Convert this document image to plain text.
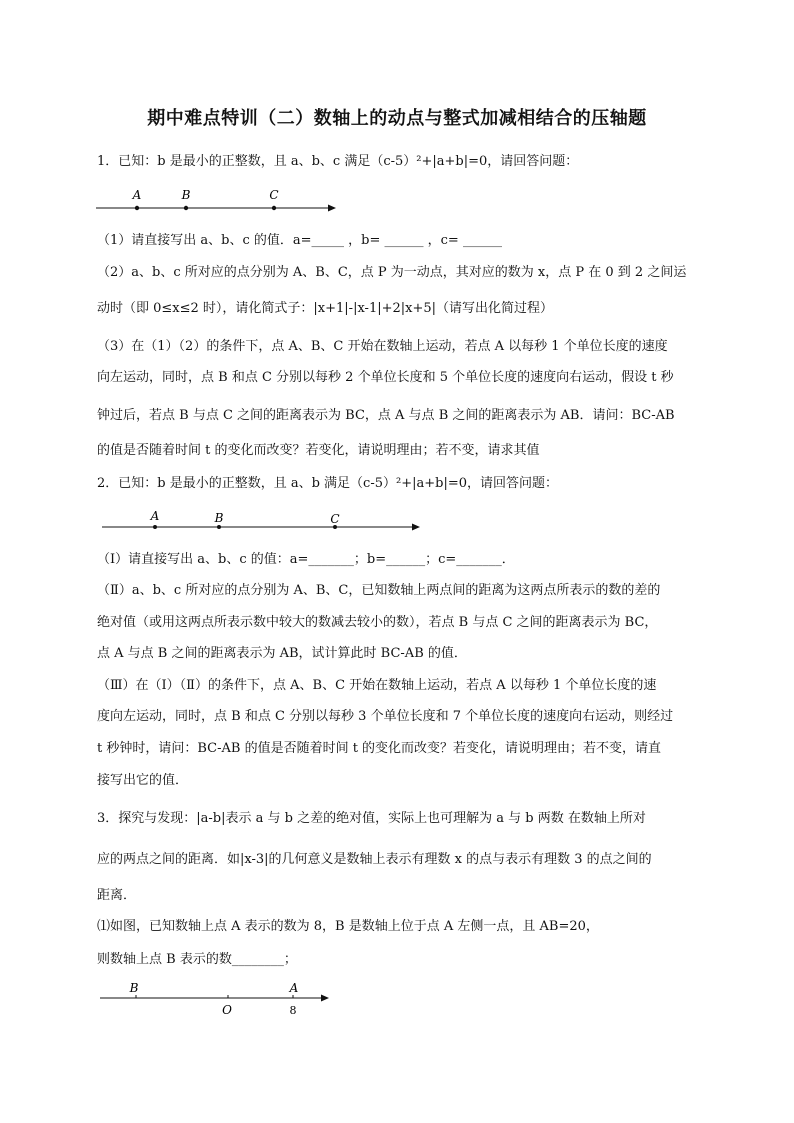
期中难点特训（二）数轴上的动点与整式加减相结合的压轴题
1．已知：b 是最小的正整数，且 a、b、c 满足（c-5）²+|a+b|=0，请回答问题：
A	B	C
（1）请直接写出 a、b、c 的值．a=_____ ，b= ______ ，c= ______
（2）a、b、c 所对应的点分别为 A、B、C，点 P 为一动点，其对应的数为 x，点 P 在 0 到 2 之间运
动时（即 0≤x≤2 时），请化简式子：|x+1|-|x-1|+2|x+5|（请写出化简过程）
（3）在（1）（2）的条件下，点 A、B、C 开始在数轴上运动，若点 A 以每秒 1 个单位长度的速度
向左运动，同时，点 B 和点 C 分别以每秒 2 个单位长度和 5 个单位长度的速度向右运动，假设 t 秒
钟过后，若点 B 与点 C 之间的距离表示为 BC，点 A 与点 B 之间的距离表示为 AB．请问：BC-AB
的值是否随着时间 t 的变化而改变？若变化，请说明理由；若不变，请求其值
2．已知：b 是最小的正整数，且 a、b 满足（c-5）²+|a+b|=0，请回答问题：
A	B	C
（Ⅰ）请直接写出 a、b、c 的值：a=_______；b=______；c=_______．
（Ⅱ）a、b、c 所对应的点分别为 A、B、C，已知数轴上两点间的距离为这两点所表示的数的差的
绝对值（或用这两点所表示数中较大的数减去较小的数），若点 B 与点 C 之间的距离表示为 BC，
点 A 与点 B 之间的距离表示为 AB，试计算此时 BC-AB 的值．
（Ⅲ）在（Ⅰ）（Ⅱ）的条件下，点 A、B、C 开始在数轴上运动，若点 A 以每秒 1 个单位长度的速
度向左运动，同时，点 B 和点 C 分别以每秒 3 个单位长度和 7 个单位长度的速度向右运动，则经过
t 秒钟时，请问：BC-AB 的值是否随着时间 t 的变化而改变？若变化，请说明理由；若不变，请直
接写出它的值．
3．探究与发现：|a-b|表示 a 与 b 之差的绝对值，实际上也可理解为 a 与 b 两数 在数轴上所对
应的两点之间的距离．如|x-3|的几何意义是数轴上表示有理数 x 的点与表示有理数 3 的点之间的
距离．
⑴如图，已知数轴上点 A 表示的数为 8，B 是数轴上位于点 A 左侧一点，且 AB=20，
则数轴上点 B 表示的数________；
B	A
O	8
